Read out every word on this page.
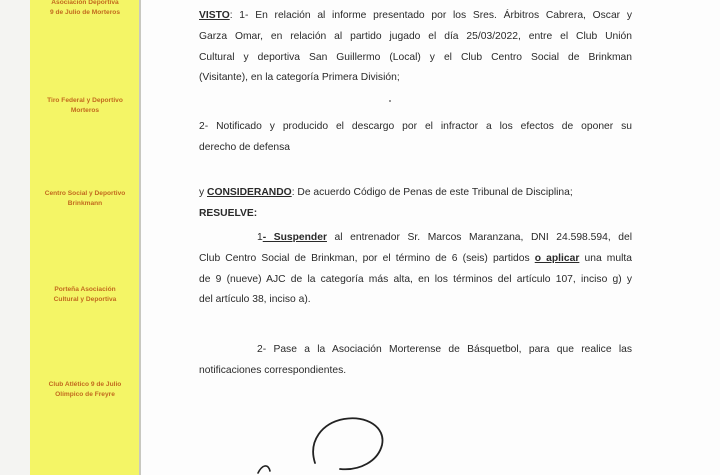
Asociación Deportiva
9 de Julio de Morteros
Tiro Federal y Deportivo
Morteros
Centro Social y Deportivo
Brinkmann
Porteña Asociación
Cultural y Deportiva
Club Atlético 9 de Julio
Olímpico de Freyre
VISTO: 1- En relación al informe presentado por los Sres. Árbitros Cabrera, Oscar y
Garza Omar, en relación al partido jugado el día 25/03/2022, entre el Club Unión
Cultural y deportiva San Guillermo (Local) y el Club Centro Social de Brinkman
(Visitante), en la categoría Primera División;
2- Notificado y producido el descargo por el infractor a los efectos de oponer su
derecho de defensa
y CONSIDERANDO: De acuerdo Código de Penas de este Tribunal de Disciplina;
RESUELVE:
1- Suspender al entrenador Sr. Marcos Maranzana, DNI 24.598.594, del
Club Centro Social de Brinkman, por el término de 6 (seis) partidos o aplicar una multa
de 9 (nueve) AJC de la categoría más alta, en los términos del artículo 107, inciso g) y
del artículo 38, inciso a).
2- Pase a la Asociación Morterense de Básquetbol, para que realice las
notificaciones correspondientes.
